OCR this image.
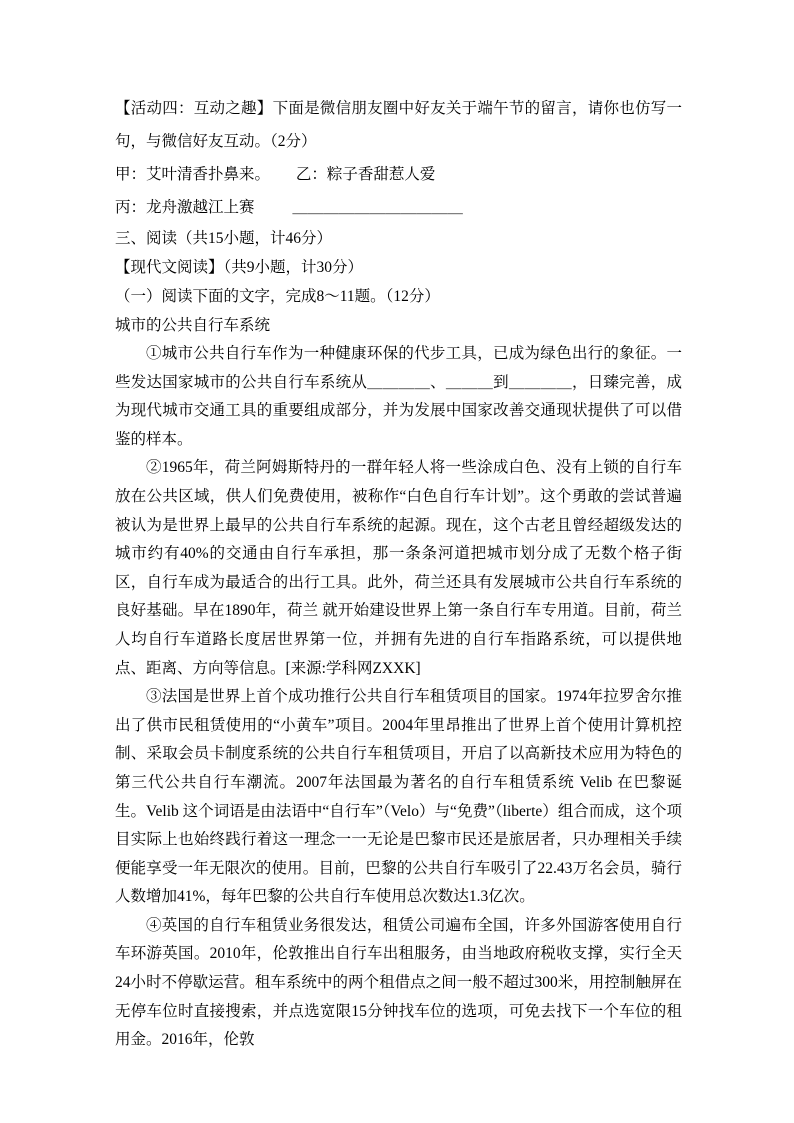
【活动四：互动之趣】下面是微信朋友圈中好友关于端午节的留言，请你也仿写一句，与微信好友互动。（2分）

甲：艾叶清香扑鼻来。 乙：粽子香甜惹人爱

丙：龙舟激越江上赛 ＿＿＿＿＿＿＿＿＿＿＿

三、阅读（共15小题，计46分）

【现代文阅读】（共9小题，计30分）

（一）阅读下面的文字，完成8～11题。（12分）

城市的公共自行车系统

①城市公共自行车作为一种健康环保的代步工具，已成为绿色出行的象征。一些发达国家城市的公共自行车系统从＿＿＿＿、＿＿＿到＿＿＿＿，日臻完善，成为现代城市交通工具的重要组成部分，并为发展中国家改善交通现状提供了可以借鉴的样本。

②1965年，荷兰阿姆斯特丹的一群年轻人将一些涂成白色、没有上锁的自行车放在公共区域，供人们免费使用，被称作“白色自行车计划”。这个勇敢的尝试普遍被认为是世界上最早的公共自行车系统的起源。现在，这个古老且曾经超级发达的城市约有40%的交通由自行车承担，那一条条河道把城市划分成了无数个格子街区，自行车成为最适合的出行工具。此外，荷兰还具有发展城市公共自行车系统的良好基础。早在1890年，荷兰 就开始建设世界上第一条自行车专用道。目前，荷兰人均自行车道路长度居世界第一位，并拥有先进的自行车指路系统，可以提供地点、距离、方向等信息。[来源:学科网ZXXK]

③法国是世界上首个成功推行公共自行车租赁项目的国家。1974年拉罗舍尔推出了供市民租赁使用的“小黄车”项目。2004年里昂推出了世界上首个使用计算机控制、采取会员卡制度系统的公共自行车租赁项目，开启了以高新技术应用为特色的第三代公共自行车潮流。2007年法国最为著名的自行车租赁系统 Velib 在巴黎诞生。Velib 这个词语是由法语中“自行车”（Velo）与“免费”（liberte）组合而成，这个项目实际上也始终践行着这一理念一一无论是巴黎市民还是旅居者，只办理相关手续便能享受一年无限次的使用。目前，巴黎的公共自行车吸引了22.43万名会员，骑行人数增加41%，每年巴黎的公共自行车使用总次数达1.3亿次。

④英国的自行车租赁业务很发达，租赁公司遍布全国，许多外国游客使用自行车环游英国。2010年，伦敦推出自行车出租服务，由当地政府税收支撑，实行全天24小时不停歇运营。租车系统中的两个租借点之间一般不超过300米，用控制触屏在无停车位时直接搜索，并点选宽限15分钟找车位的选项，可免去找下一个车位的租用金。2016年，伦敦
